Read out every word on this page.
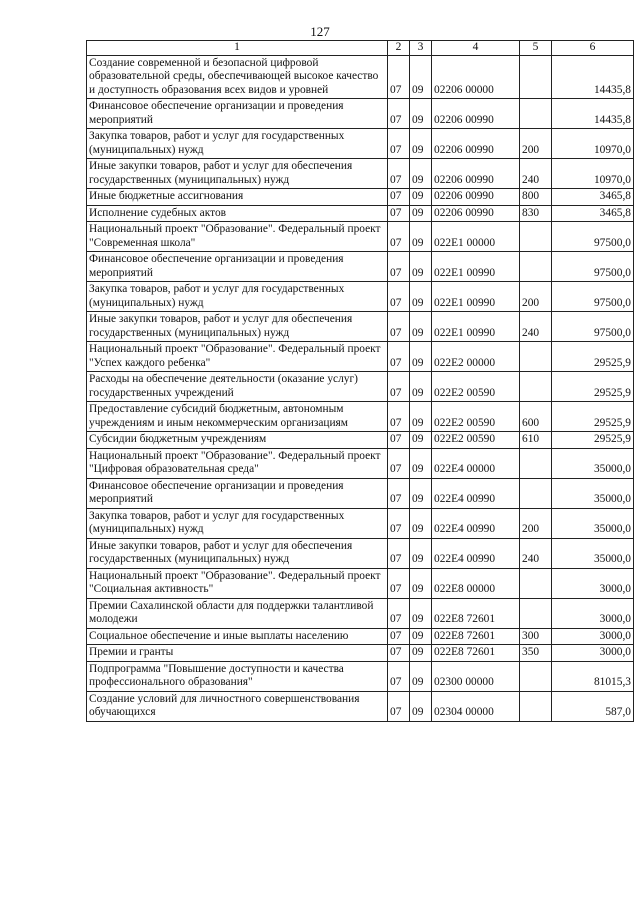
127
1	2	3	4	5	6
Создание современной и безопасной цифровой образовательной среды, обеспечивающей высокое качество и доступность образования всех видов и уровней	07	09	02206 00000		14435,8
Финансовое обеспечение организации и проведения мероприятий	07	09	02206 00990		14435,8
Закупка товаров, работ и услуг для государственных (муниципальных) нужд	07	09	02206 00990	200	10970,0
Иные закупки товаров, работ и услуг для обеспечения государственных (муниципальных) нужд	07	09	02206 00990	240	10970,0
Иные бюджетные ассигнования	07	09	02206 00990	800	3465,8
Исполнение судебных актов	07	09	02206 00990	830	3465,8
Национальный проект "Образование". Федеральный проект "Современная школа"	07	09	022Е1 00000		97500,0
Финансовое обеспечение организации и проведения мероприятий	07	09	022Е1 00990		97500,0
Закупка товаров, работ и услуг для государственных (муниципальных) нужд	07	09	022Е1 00990	200	97500,0
Иные закупки товаров, работ и услуг для обеспечения государственных (муниципальных) нужд	07	09	022Е1 00990	240	97500,0
Национальный проект "Образование". Федеральный проект "Успех каждого ребенка"	07	09	022Е2 00000		29525,9
Расходы на обеспечение деятельности (оказание услуг) государственных учреждений	07	09	022Е2 00590		29525,9
Предоставление субсидий бюджетным, автономным учреждениям и иным некоммерческим организациям	07	09	022Е2 00590	600	29525,9
Субсидии бюджетным учреждениям	07	09	022Е2 00590	610	29525,9
Национальный проект "Образование". Федеральный проект "Цифровая образовательная среда"	07	09	022Е4 00000		35000,0
Финансовое обеспечение организации и проведения мероприятий	07	09	022Е4 00990		35000,0
Закупка товаров, работ и услуг для государственных (муниципальных) нужд	07	09	022Е4 00990	200	35000,0
Иные закупки товаров, работ и услуг для обеспечения государственных (муниципальных) нужд	07	09	022Е4 00990	240	35000,0
Национальный проект "Образование". Федеральный проект "Социальная активность"	07	09	022Е8 00000		3000,0
Премии Сахалинской области для поддержки талантливой молодежи	07	09	022Е8 72601		3000,0
Социальное обеспечение и иные выплаты населению	07	09	022Е8 72601	300	3000,0
Премии и гранты	07	09	022Е8 72601	350	3000,0
Подпрограмма "Повышение доступности и качества профессионального образования"	07	09	02300 00000		81015,3
Создание условий для личностного совершенствования обучающихся	07	09	02304 00000		587,0
